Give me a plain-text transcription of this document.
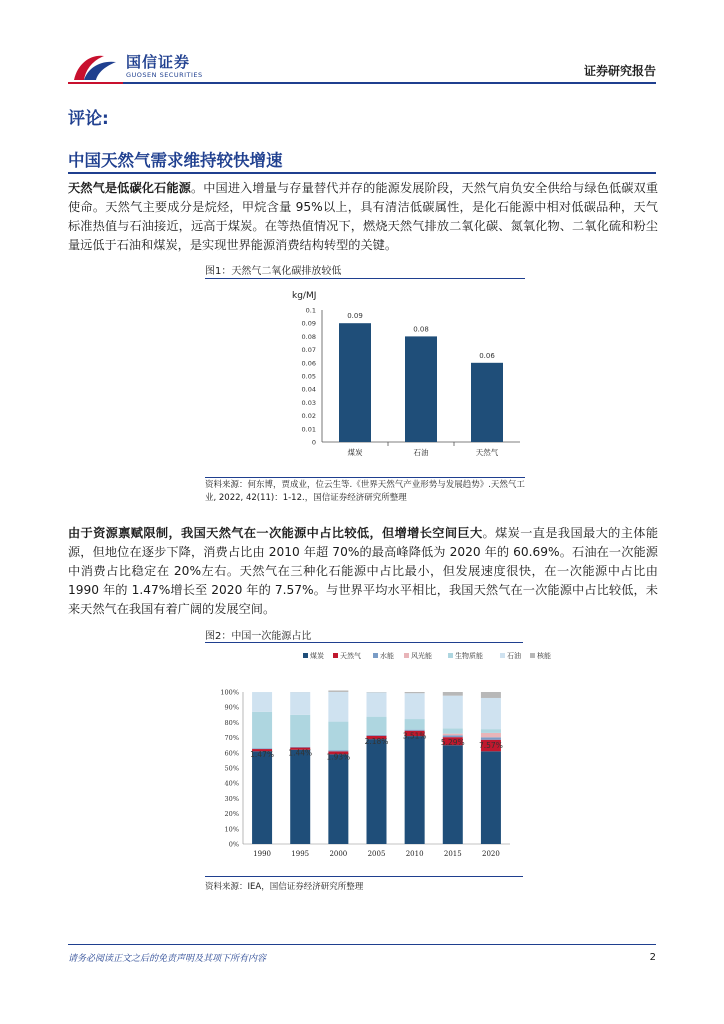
国信证券
GUOSEN SECURITIES	证券研究报告
评论:
中国天然气需求维持较快增速
天然气是低碳化石能源。中国进入增量与存量替代并存的能源发展阶段，天然气肩负安全供给与绿色低碳双重使命。天然气主要成分是烷烃，甲烷含量 95%以上，具有清洁低碳属性，是化石能源中相对低碳品种，天气标准热值与石油接近，远高于煤炭。在等热值情况下，燃烧天然气排放二氧化碳、氮氧化物、二氧化硫和粉尘量远低于石油和煤炭，是实现世界能源消费结构转型的关键。
图1：天然气二氧化碳排放较低
kg/MJ
0
0.01
0.02
0.03
0.04
0.05
0.06
0.07
0.08
0.09
0.1
0.09
煤炭
0.08
石油
0.06
天然气
资料来源：何东博，贾成业，位云生等.《世界天然气产业形势与发展趋势》.天然气工业, 2022, 42(11)：1-12.，国信证券经济研究所整理
由于资源禀赋限制，我国天然气在一次能源中占比较低，但增增长空间巨大。煤炭一直是我国最大的主体能源，但地位在逐步下降，消费占比由 2010 年超 70%的最高峰降低为 2020 年的 60.69%。石油在一次能源中消费占比稳定在 20%左右。天然气在三种化石能源中占比最小，但发展速度很快，在一次能源中占比由 1990 年的 1.47%增长至 2020 年的 7.57%。与世界平均水平相比，我国天然气在一次能源中占比较低，未来天然气在我国有着广阔的发展空间。
图2：中国一次能源占比
煤炭 天然气	水能 风光能	生物质能	石油 核能
0%
10%
20%
30%
40%
50%
60%
70%
80%
90%
100%
1.47%
1990
1.44%
1995
1.93%
2000
2.18%
2005
3.51%
2010
5.29%
2015
7.57%
2020
资料来源：IEA，国信证券经济研究所整理
请务必阅读正文之后的免责声明及其项下所有内容	2
